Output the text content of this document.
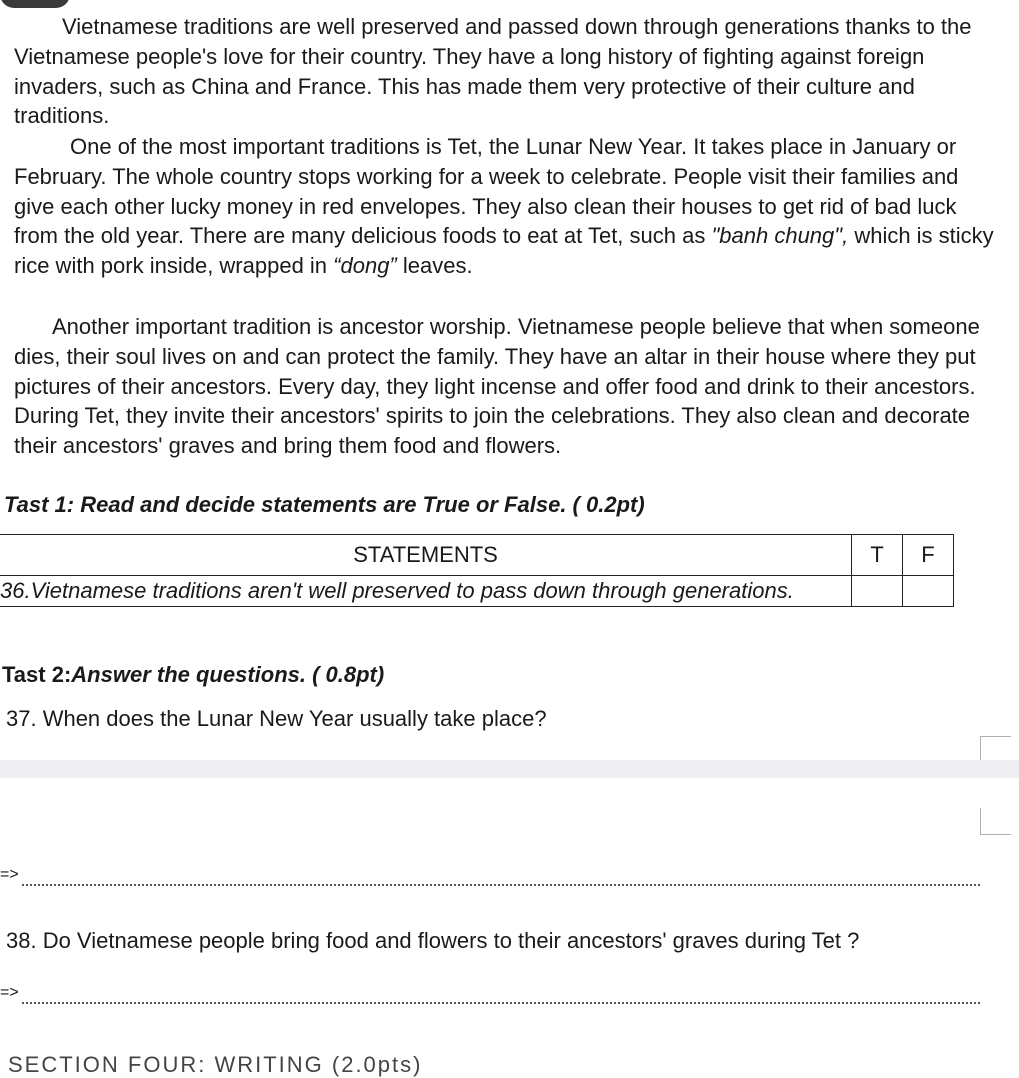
Vietnamese traditions are well preserved and passed down through generations thanks to the Vietnamese people's love for their country. They have a long history of fighting against foreign invaders, such as China and France. This has made them very protective of their culture and traditions.

One of the most important traditions is Tet, the Lunar New Year. It takes place in January or February. The whole country stops working for a week to celebrate. People visit their families and give each other lucky money in red envelopes. They also clean their houses to get rid of bad luck from the old year. There are many delicious foods to eat at Tet, such as "banh chung", which is sticky rice with pork inside, wrapped in “dong” leaves.

Another important tradition is ancestor worship. Vietnamese people believe that when someone dies, their soul lives on and can protect the family. They have an altar in their house where they put pictures of their ancestors. Every day, they light incense and offer food and drink to their ancestors. During Tet, they invite their ancestors' spirits to join the celebrations. They also clean and decorate their ancestors' graves and bring them food and flowers.

Tast 1: Read and decide statements are True or False. ( 0.2pt)

STATEMENTS	T	F
36.Vietnamese traditions aren't well preserved to pass down through generations.		

Tast 2:Answer the questions. ( 0.8pt)

37. When does the Lunar New Year usually take place?

=>

38. Do Vietnamese people bring food and flowers to their ancestors' graves during Tet ?

=>
SECTION FOUR: WRITING (2.0pts)
